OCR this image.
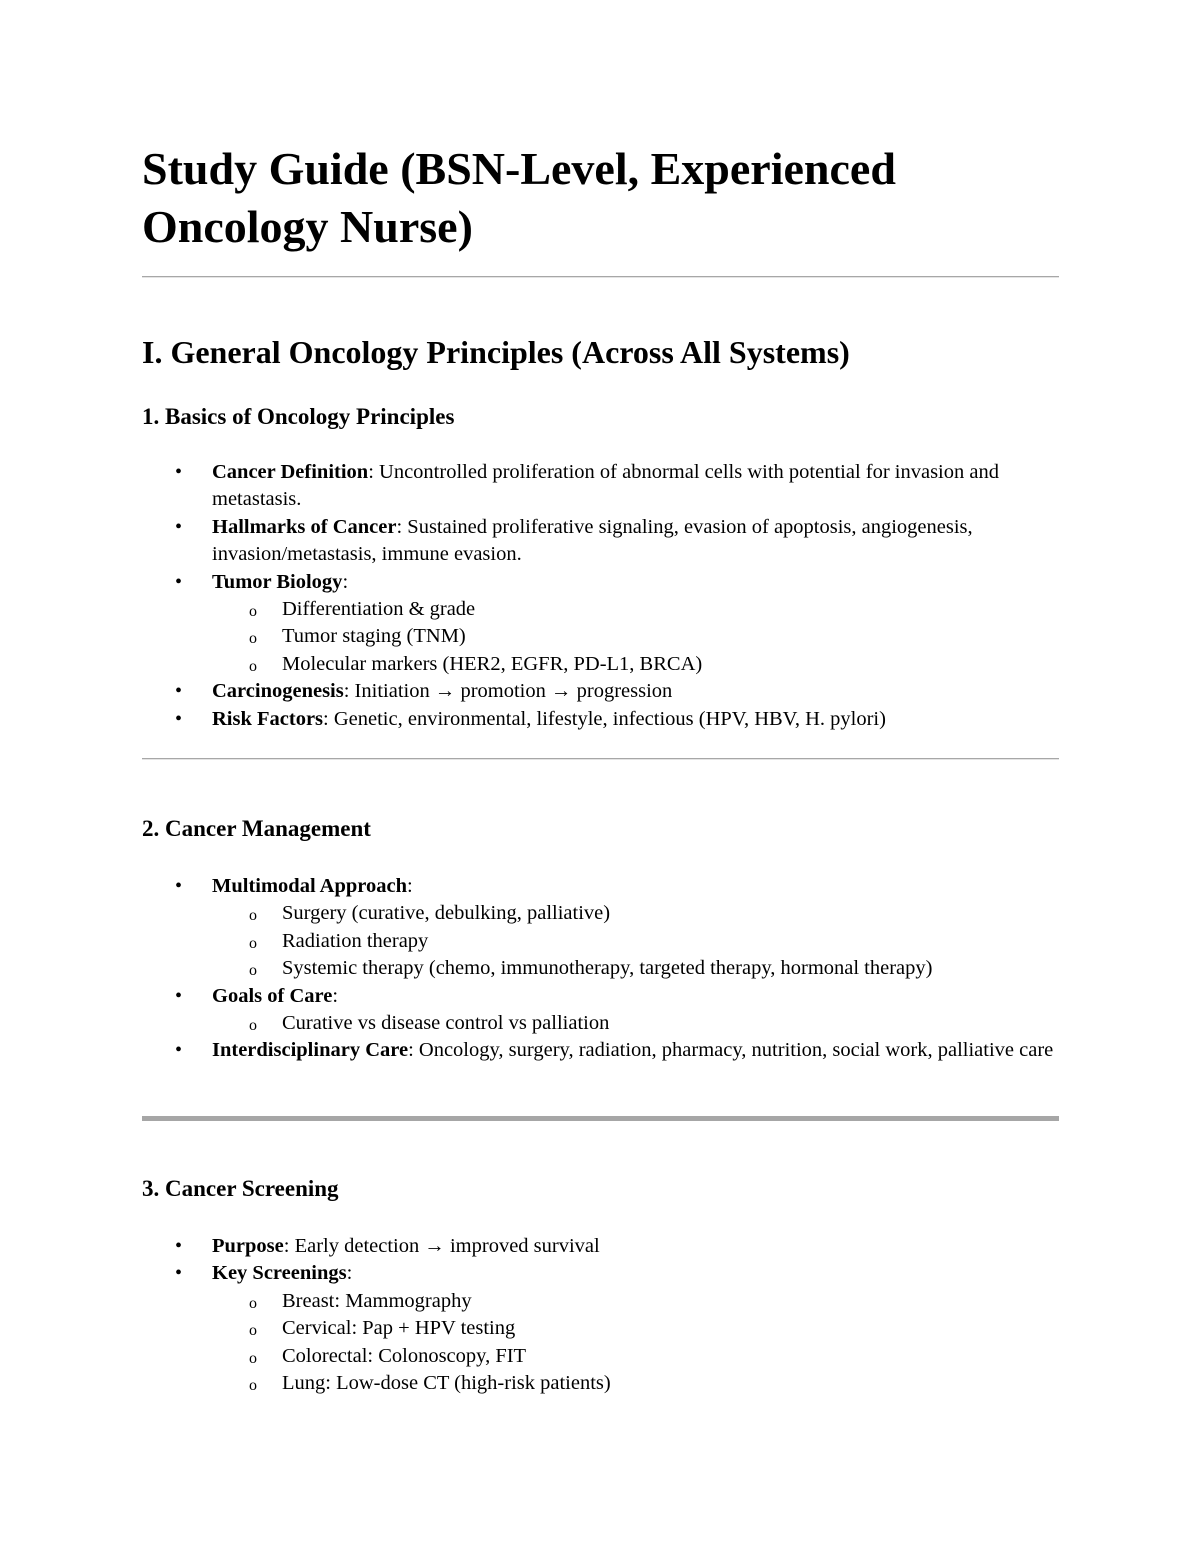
Study Guide (BSN-Level, Experienced Oncology Nurse)
I. General Oncology Principles (Across All Systems)
1. Basics of Oncology Principles
• Cancer Definition: Uncontrolled proliferation of abnormal cells with potential for invasion and metastasis.
• Hallmarks of Cancer: Sustained proliferative signaling, evasion of apoptosis, angiogenesis, invasion/metastasis, immune evasion.
• Tumor Biology:
o Differentiation & grade
o Tumor staging (TNM)
o Molecular markers (HER2, EGFR, PD-L1, BRCA)
• Carcinogenesis: Initiation → promotion → progression
• Risk Factors: Genetic, environmental, lifestyle, infectious (HPV, HBV, H. pylori)
2. Cancer Management
• Multimodal Approach:
o Surgery (curative, debulking, palliative)
o Radiation therapy
o Systemic therapy (chemo, immunotherapy, targeted therapy, hormonal therapy)
• Goals of Care:
o Curative vs disease control vs palliation
• Interdisciplinary Care: Oncology, surgery, radiation, pharmacy, nutrition, social work, palliative care
3. Cancer Screening
• Purpose: Early detection → improved survival
• Key Screenings:
o Breast: Mammography
o Cervical: Pap + HPV testing
o Colorectal: Colonoscopy, FIT
o Lung: Low-dose CT (high-risk patients)
